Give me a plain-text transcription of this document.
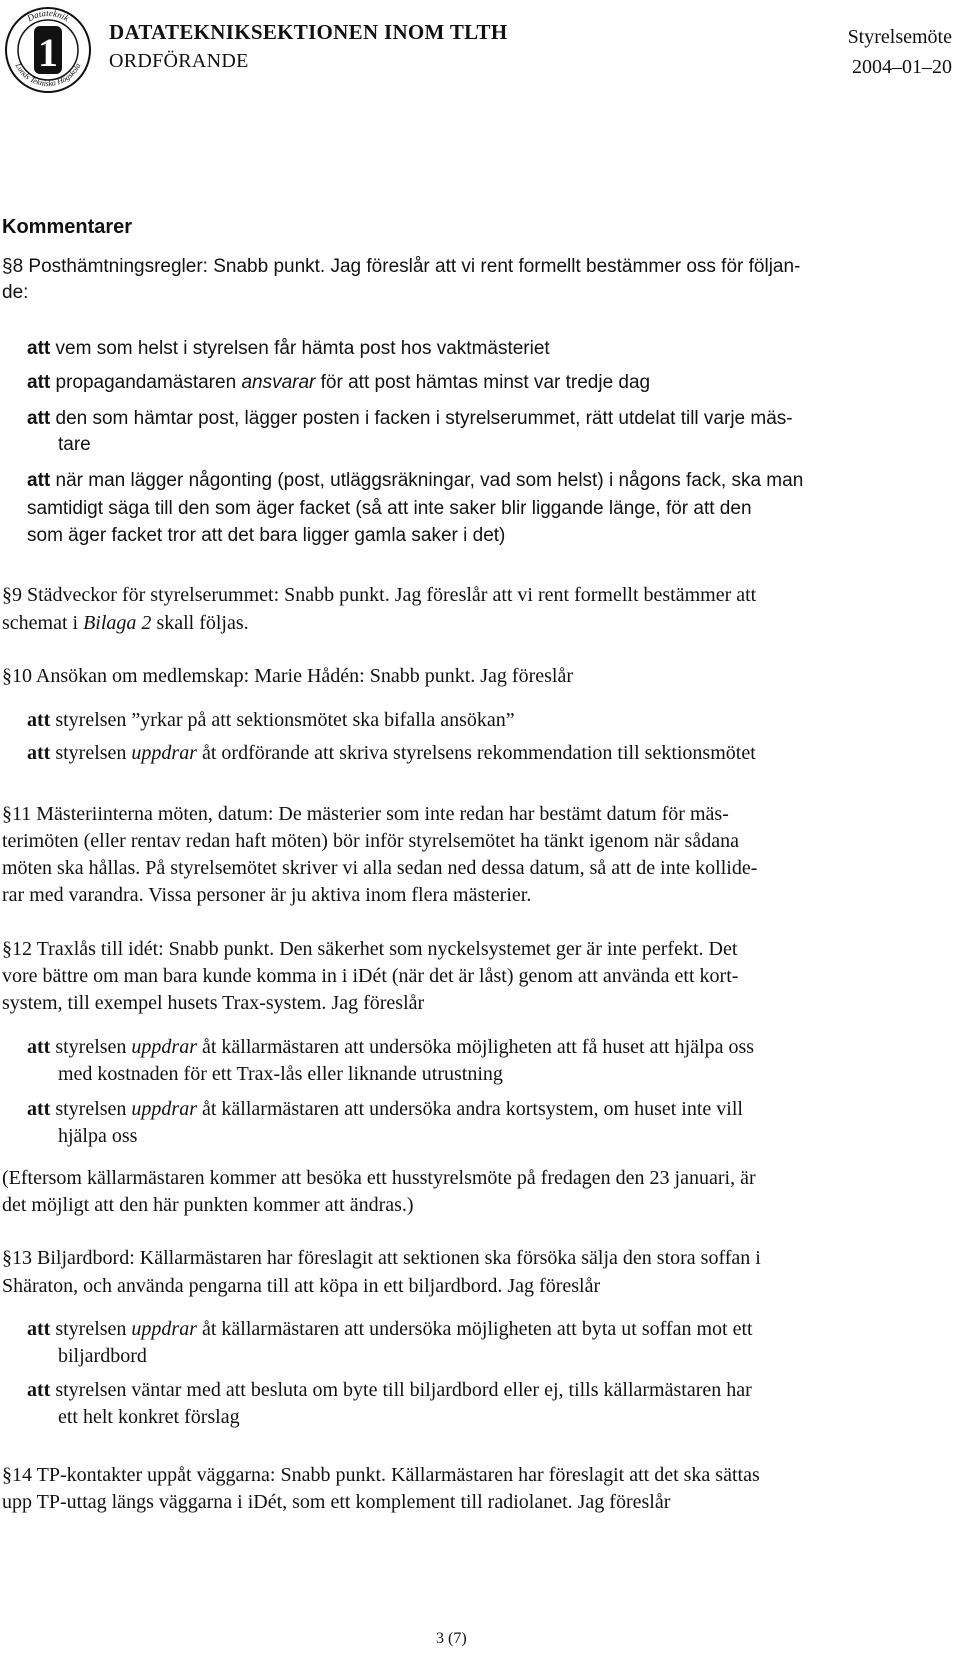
1
Datateknik
Lunds Tekniska Högskola
DATATEKNIKSEKTIONEN INOM TLTH
ORDFÖRANDE
Styrelsemöte
2004–01–20
Kommentarer
§8 Posthämtningsregler: Snabb punkt. Jag föreslår att vi rent formellt bestämmer oss för följan-
de:
att vem som helst i styrelsen får hämta post hos vaktmästeriet
att propagandamästaren ansvarar för att post hämtas minst var tredje dag
att den som hämtar post, lägger posten i facken i styrelserummet, rätt utdelat till varje mäs-
tare
att när man lägger någonting (post, utläggsräkningar, vad som helst) i någons fack, ska man
samtidigt säga till den som äger facket (så att inte saker blir liggande länge, för att den
som äger facket tror att det bara ligger gamla saker i det)
§9 Städveckor för styrelserummet: Snabb punkt. Jag föreslår att vi rent formellt bestämmer att
schemat i Bilaga 2 skall följas.
§10 Ansökan om medlemskap: Marie Hådén: Snabb punkt. Jag föreslår
att styrelsen ”yrkar på att sektionsmötet ska bifalla ansökan”
att styrelsen uppdrar åt ordförande att skriva styrelsens rekommendation till sektionsmötet
§11 Mästeriinterna möten, datum: De mästerier som inte redan har bestämt datum för mäs-
terimöten (eller rentav redan haft möten) bör inför styrelsemötet ha tänkt igenom när sådana
möten ska hållas. På styrelsemötet skriver vi alla sedan ned dessa datum, så att de inte kollide-
rar med varandra. Vissa personer är ju aktiva inom flera mästerier.
§12 Traxlås till idét: Snabb punkt. Den säkerhet som nyckelsystemet ger är inte perfekt. Det
vore bättre om man bara kunde komma in i iDét (när det är låst) genom att använda ett kort-
system, till exempel husets Trax-system. Jag föreslår
att styrelsen uppdrar åt källarmästaren att undersöka möjligheten att få huset att hjälpa oss
med kostnaden för ett Trax-lås eller liknande utrustning
att styrelsen uppdrar åt källarmästaren att undersöka andra kortsystem, om huset inte vill
hjälpa oss
(Eftersom källarmästaren kommer att besöka ett husstyrelsmöte på fredagen den 23 januari, är
det möjligt att den här punkten kommer att ändras.)
§13 Biljardbord: Källarmästaren har föreslagit att sektionen ska försöka sälja den stora soffan i
Shäraton, och använda pengarna till att köpa in ett biljardbord. Jag föreslår
att styrelsen uppdrar åt källarmästaren att undersöka möjligheten att byta ut soffan mot ett
biljardbord
att styrelsen väntar med att besluta om byte till biljardbord eller ej, tills källarmästaren har
ett helt konkret förslag
§14 TP-kontakter uppåt väggarna: Snabb punkt. Källarmästaren har föreslagit att det ska sättas
upp TP-uttag längs väggarna i iDét, som ett komplement till radiolanet. Jag föreslår
3 (7)
